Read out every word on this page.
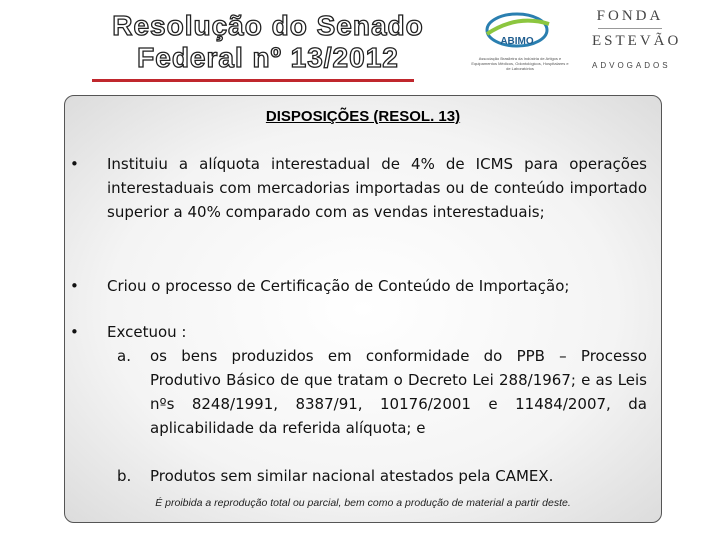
Resolução do Senado
Federal nº 13/2012
ABIMO
Associação Brasileira da Indústria de Artigos e Equipamentos Médicos, Odontológicos, Hospitalares e de Laboratórios
FONDA
ESTEVÃO
ADVOGADOS
DISPOSIÇÕES (RESOL. 13)
• Instituiu a alíquota interestadual de 4% de ICMS para operações interestaduais com mercadorias importadas ou de conteúdo importado superior a 40% comparado com as vendas interestaduais;
• Criou o processo de Certificação de Conteúdo de Importação;
• Excetuou :
a. os bens produzidos em conformidade do PPB – Processo Produtivo Básico de que tratam o Decreto Lei 288/1967; e as Leis nºs 8248/1991, 8387/91, 10176/2001 e 11484/2007, da aplicabilidade da referida alíquota; e
b. Produtos sem similar nacional atestados pela CAMEX.
É proibida a reprodução total ou parcial, bem como a produção de material a partir deste.
